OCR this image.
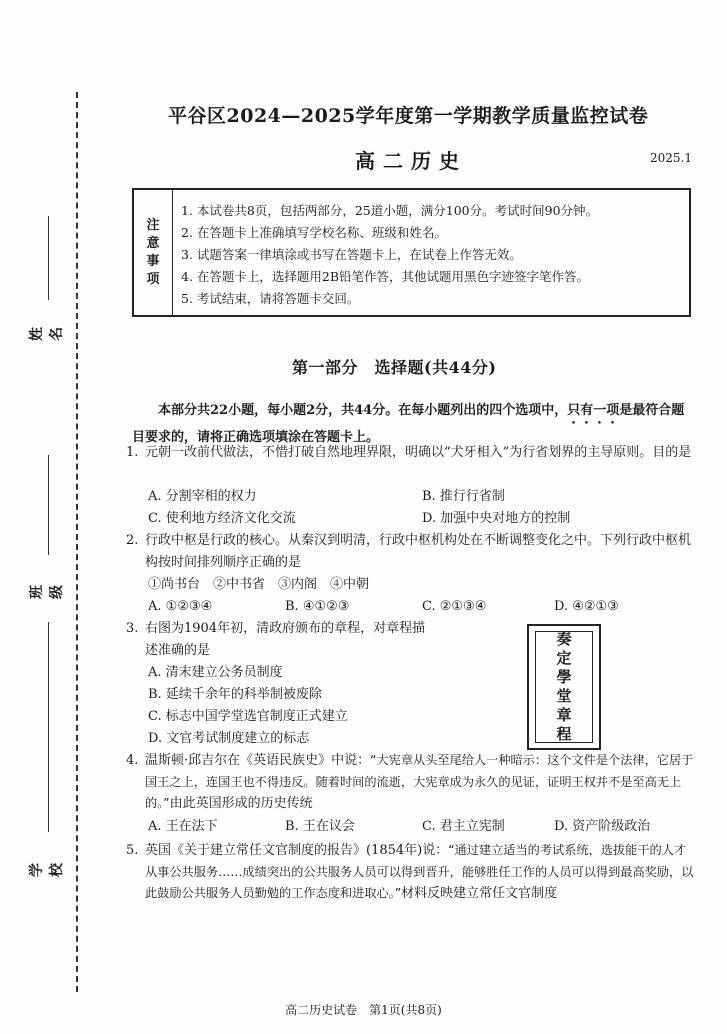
姓名
班级
学校
平谷区2024—2025学年度第一学期教学质量监控试卷
高二历史	2025.1
注
意
事
项
1. 本试卷共8页，包括两部分，25道小题，满分100分。考试时间90分钟。
2. 在答题卡上准确填写学校名称、班级和姓名。
3. 试题答案一律填涂或书写在答题卡上，在试卷上作答无效。
4. 在答题卡上，选择题用2B铅笔作答，其他试题用黑色字迹签字笔作答。
5. 考试结束，请将答题卡交回。
第一部分　选择题(共44分)

本部分共22小题，每小题2分，共44分。在每小题列出的四个选项中，只有一项是最符合题目要求的，请将正确选项填涂在答题卡上。

1. 元朝一改前代做法，不惜打破自然地理界限，明确以“犬牙相入”为行省划界的主导原则。目的是
A. 分割宰相的权力	B. 推行行省制
C. 使利地方经济文化交流	D. 加强中央对地方的控制
2. 行政中枢是行政的核心。从秦汉到明清，行政中枢机构处在不断调整变化之中。下列行政中枢机构按时间排列顺序正确的是
①尚书台　②中书省　③内阁　④中朝
A. ①②③④	B. ④①②③	C. ②①③④	D. ④②①③
3. 右图为1904年初，清政府颁布的章程，对章程描述准确的是
A. 清末建立公务员制度
B. 延续千余年的科举制被废除
C. 标志中国学堂选官制度正式建立
D. 文官考试制度建立的标志
奏
定
學
堂
章
程
4. 温斯顿·邱吉尔在《英语民族史》中说：“大宪章从头至尾给人一种暗示：这个文件是个法律，它居于国王之上，连国王也不得违反。随着时间的流逝，大宪章成为永久的见证，证明王权并不是至高无上的。”由此英国形成的历史传统
A. 王在法下	B. 王在议会	C. 君主立宪制	D. 资产阶级政治
5. 英国《关于建立常任文官制度的报告》(1854年)说：“通过建立适当的考试系统，选拔能干的人才从事公共服务……成绩突出的公共服务人员可以得到晋升，能够胜任工作的人员可以得到最高奖励，以此鼓励公共服务人员勤勉的工作态度和进取心。”材料反映建立常任文官制度
高二历史试卷　第1页(共8页)
